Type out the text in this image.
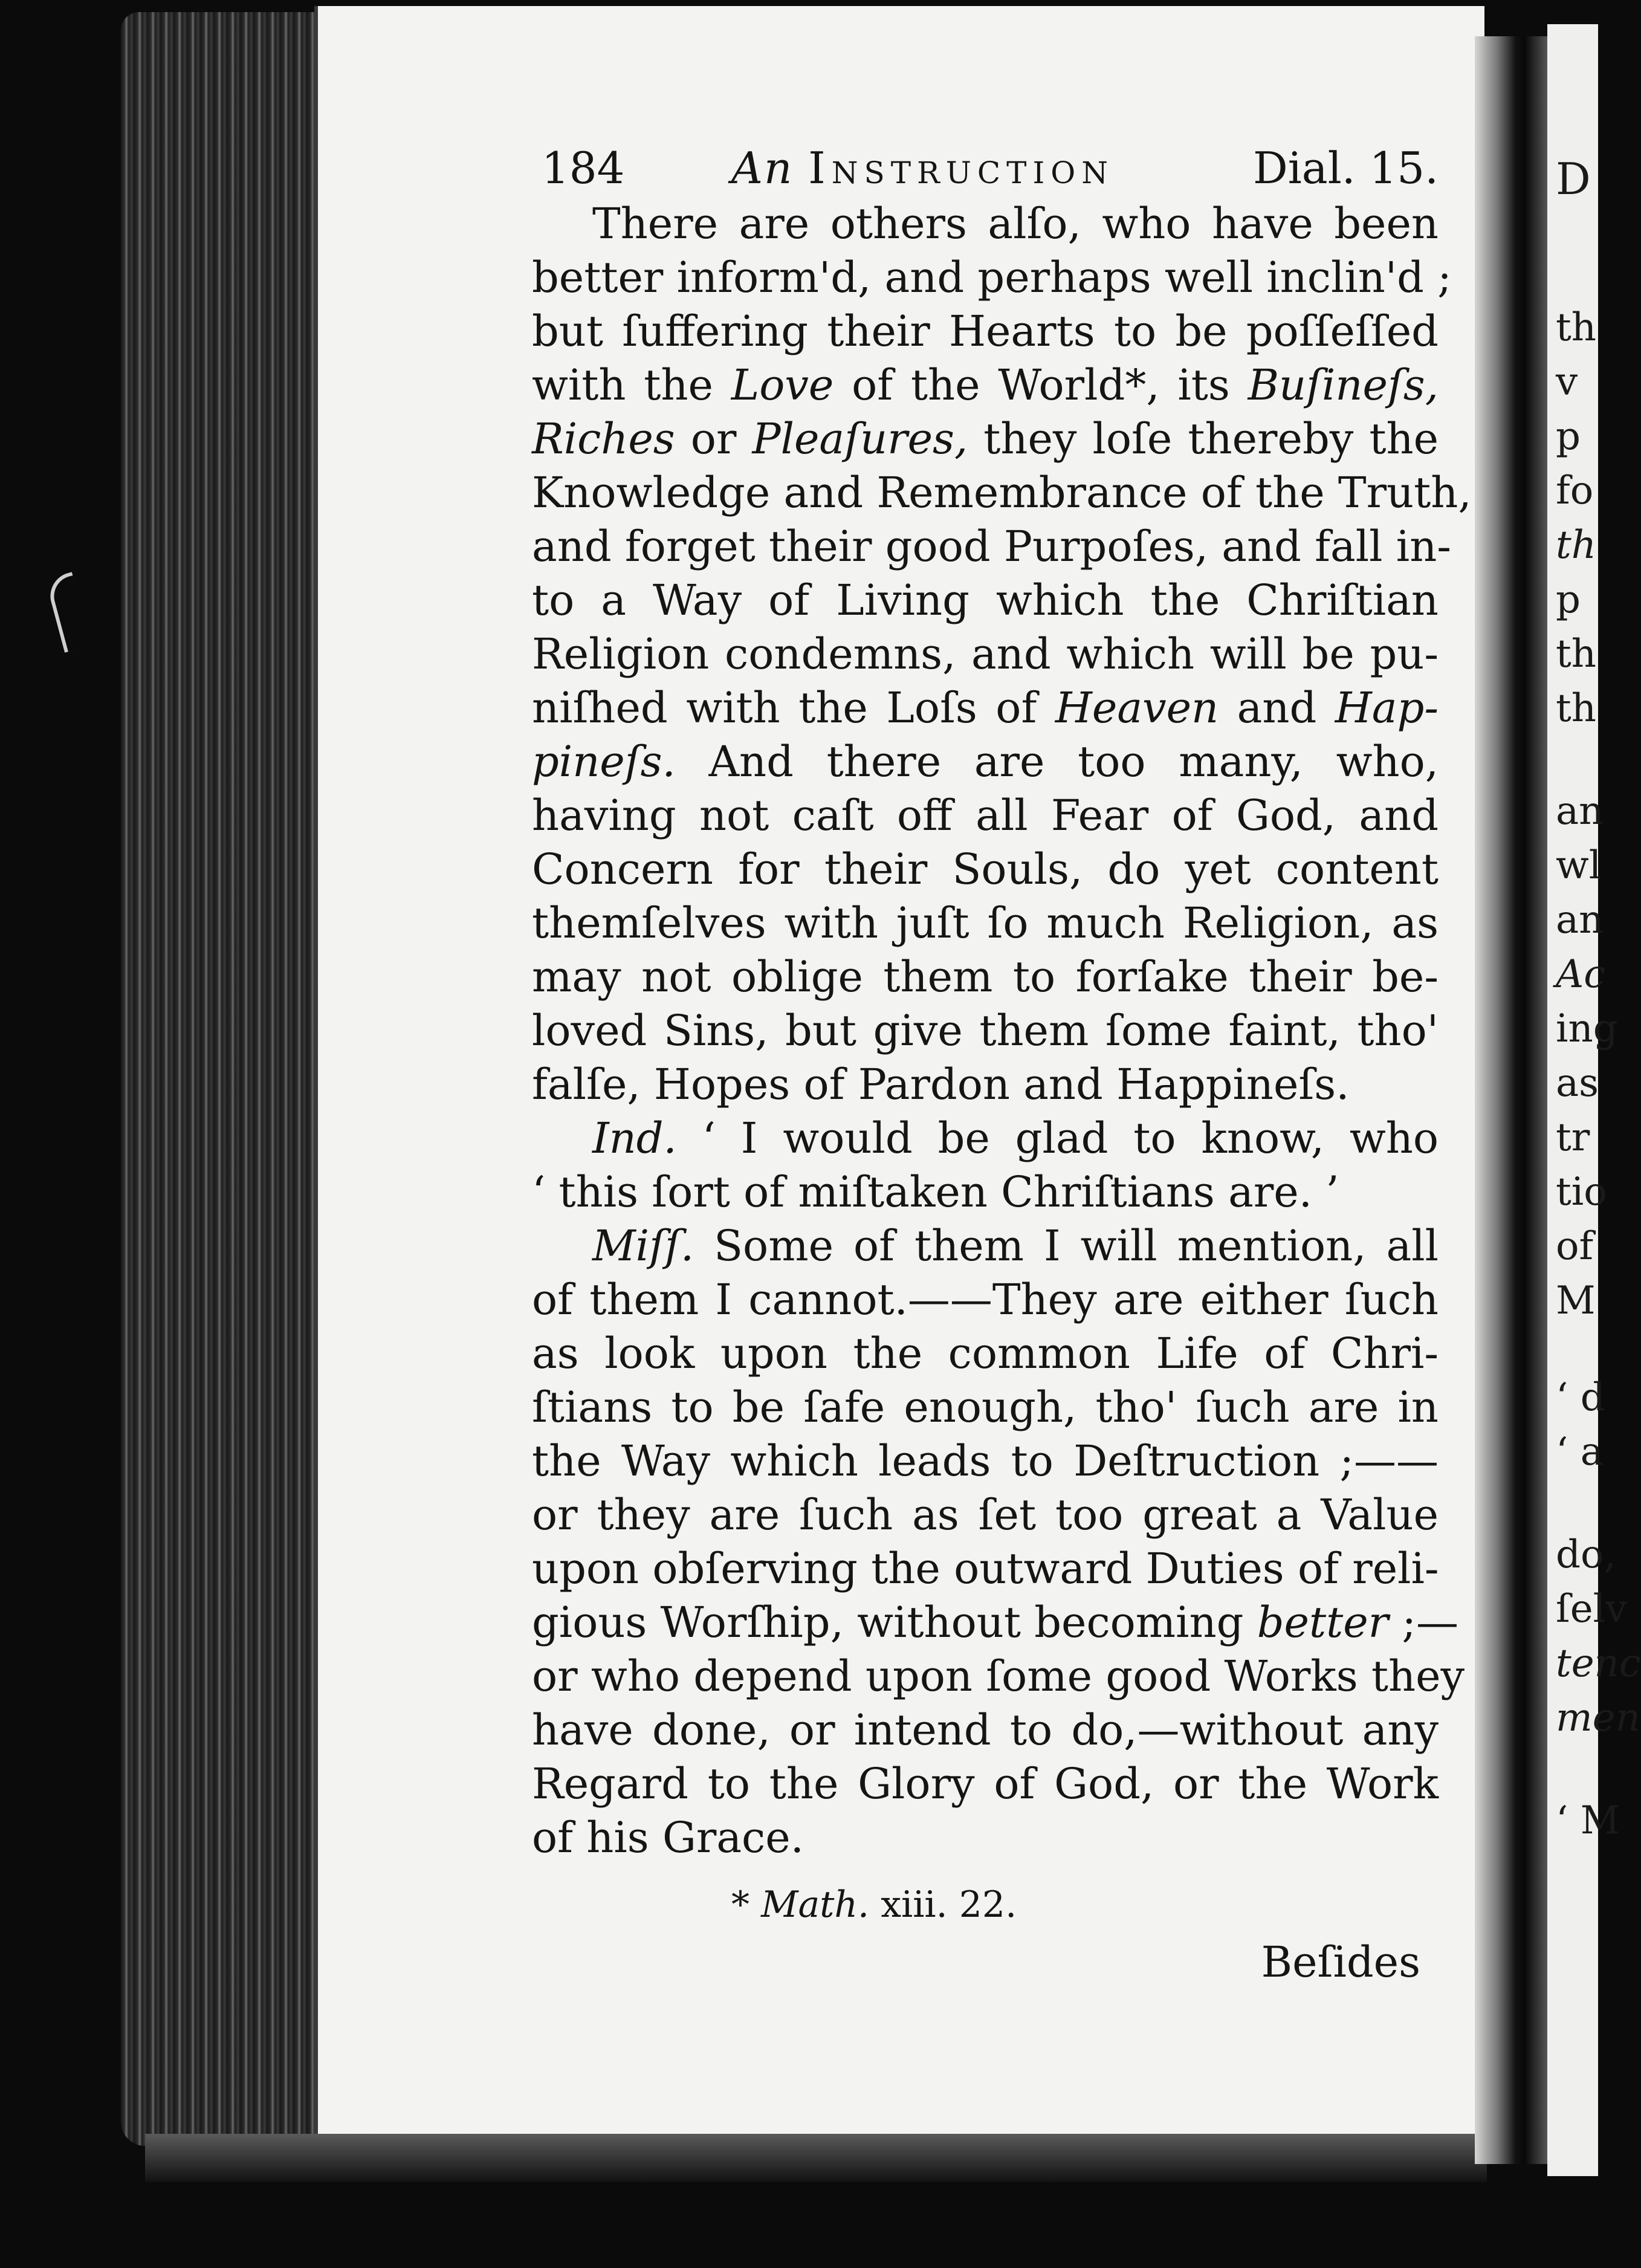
D
th
v
p
fo
th
p
th
th
an
wl
an
Ac
ing
as
tr
tio
of
M
‘ d
‘ a
do,
ſelv
tenc
men
‘ M
184 An Instruction	Dial. 15.
There are others alſo, who have been
better inform'd, and perhaps well inclin'd ;
but ſuffering their Hearts to be poſſeſſed
with the Love of the World*, its Buſineſs,
Riches or Pleaſures, they loſe thereby the
Knowledge and Remembrance of the Truth,
and forget their good Purpoſes, and fall in-
to a Way of Living which the Chriſtian
Religion condemns, and which will be pu-
niſhed with the Loſs of Heaven and Hap-
pineſs. And there are too many, who,
having not caſt off all Fear of God, and
Concern for their Souls, do yet content
themſelves with juſt ſo much Religion, as
may not oblige them to forſake their be-
loved Sins, but give them ſome faint, tho'
falſe, Hopes of Pardon and Happineſs.
Ind. ‘ I would be glad to know, who
‘ this ſort of miſtaken Chriſtians are. ’
Miſſ. Some of them I will mention, all
of them I cannot.——They are either ſuch
as look upon the common Life of Chri-
ſtians to be ſafe enough, tho' ſuch are in
the Way which leads to Deſtruction ;——
or they are ſuch as ſet too great a Value
upon obſerving the outward Duties of reli-
gious Worſhip, without becoming better ;—
or who depend upon ſome good Works they
have done, or intend to do,—without any
Regard to the Glory of God, or the Work
of his Grace.
* Math. xiii. 22.
Beſides
